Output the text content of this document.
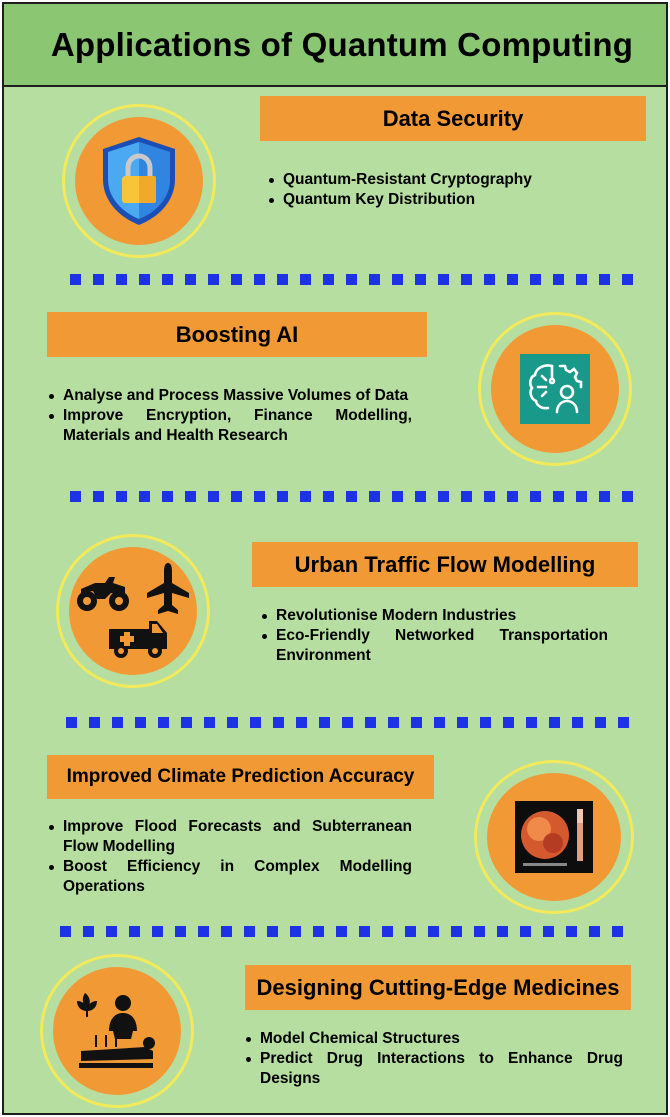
Applications of Quantum Computing
Data Security
Quantum-Resistant Cryptography
Quantum Key Distribution
Boosting AI
Analyse and Process Massive Volumes of Data
Improve Encryption, Finance Modelling, Materials and Health Research
Urban Traffic Flow Modelling
Revolutionise Modern Industries
Eco-Friendly Networked Transportation Environment
Improved Climate Prediction Accuracy
Improve Flood Forecasts and Subterranean Flow Modelling
Boost Efficiency in Complex Modelling Operations
Designing Cutting-Edge Medicines
Model Chemical Structures
Predict Drug Interactions to Enhance Drug Designs
